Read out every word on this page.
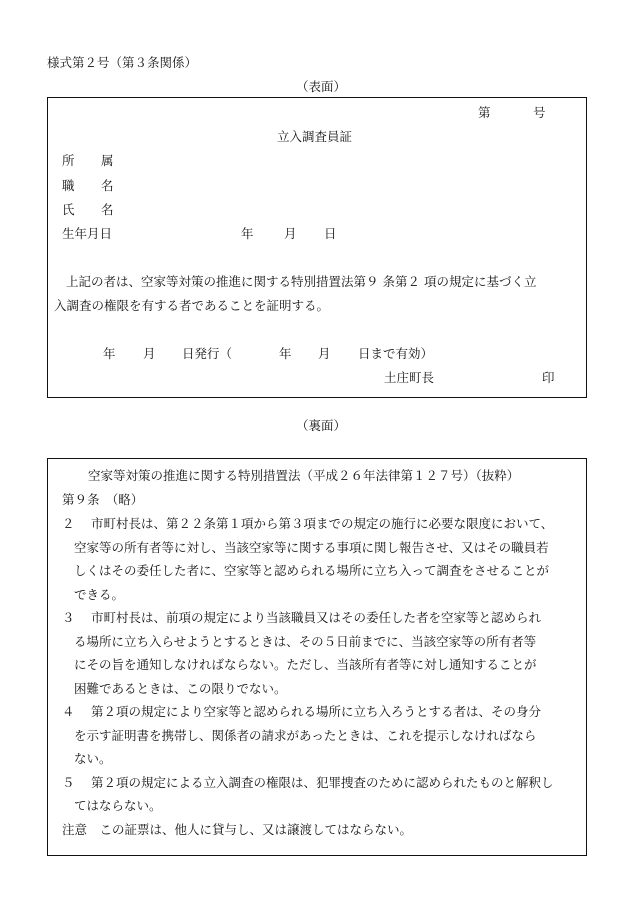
様式第２号（第３条関係）
（表面）
第	号
立入調査員証
所 属
職 名
氏 名
生年月日	年 月 日
上記の者は、空家等対策の推進に関する特別措置法第９ 条第２ 項の規定に基づく立
入調査の権限を有する者であることを証明する。
年 月 日発行（	年 月 日まで有効）
土庄町長	印
（裏面）
空家等対策の推進に関する特別措置法（平成２６年法律第１２７号）（抜粋）
第９条　（略）
２　 市町村長は、第２２条第１項から第３項までの規定の施行に必要な限度において、
空家等の所有者等に対し、当該空家等に関する事項に関し報告させ、又はその職員若
しくはその委任した者に、空家等と認められる場所に立ち入って調査をさせることが
できる。
３　 市町村長は、前項の規定により当該職員又はその委任した者を空家等と認められ
る場所に立ち入らせようとするときは、その５日前までに、当該空家等の所有者等
にその旨を通知しなければならない。ただし、当該所有者等に対し通知することが
困難であるときは、この限りでない。
４　 第２項の規定により空家等と認められる場所に立ち入ろうとする者は、その身分
を示す証明書を携帯し、関係者の請求があったときは、これを提示しなければなら
ない。
５　 第２項の規定による立入調査の権限は、犯罪捜査のために認められたものと解釈し
てはならない。
注意　この証票は、他人に貸与し、又は譲渡してはならない。
